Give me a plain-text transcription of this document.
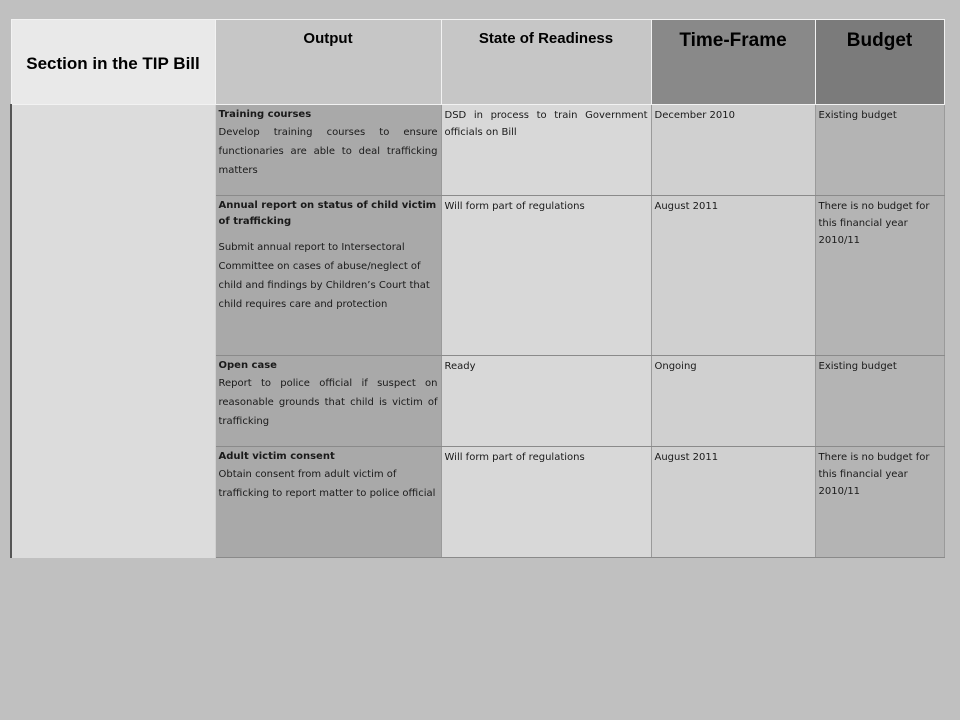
Section in the TIP Bill	Output	State of Readiness	Time-Frame	Budget

	Training courses
Develop training courses to ensure functionaries are able to deal trafficking matters	DSD in process to train Government officials on Bill	December 2010	Existing budget

	Annual report on status of child victim of trafficking
Submit annual report to Intersectoral Committee on cases of abuse/neglect of child and findings by Children’s Court that child requires care and protection	Will form part of regulations	August 2011	There is no budget for this financial year 2010/11

	Open case
Report to police official if suspect on reasonable grounds that child is victim of trafficking	Ready	Ongoing	Existing budget

	Adult victim consent
Obtain consent from adult victim of trafficking to report matter to police official	Will form part of regulations	August 2011	There is no budget for this financial year 2010/11
